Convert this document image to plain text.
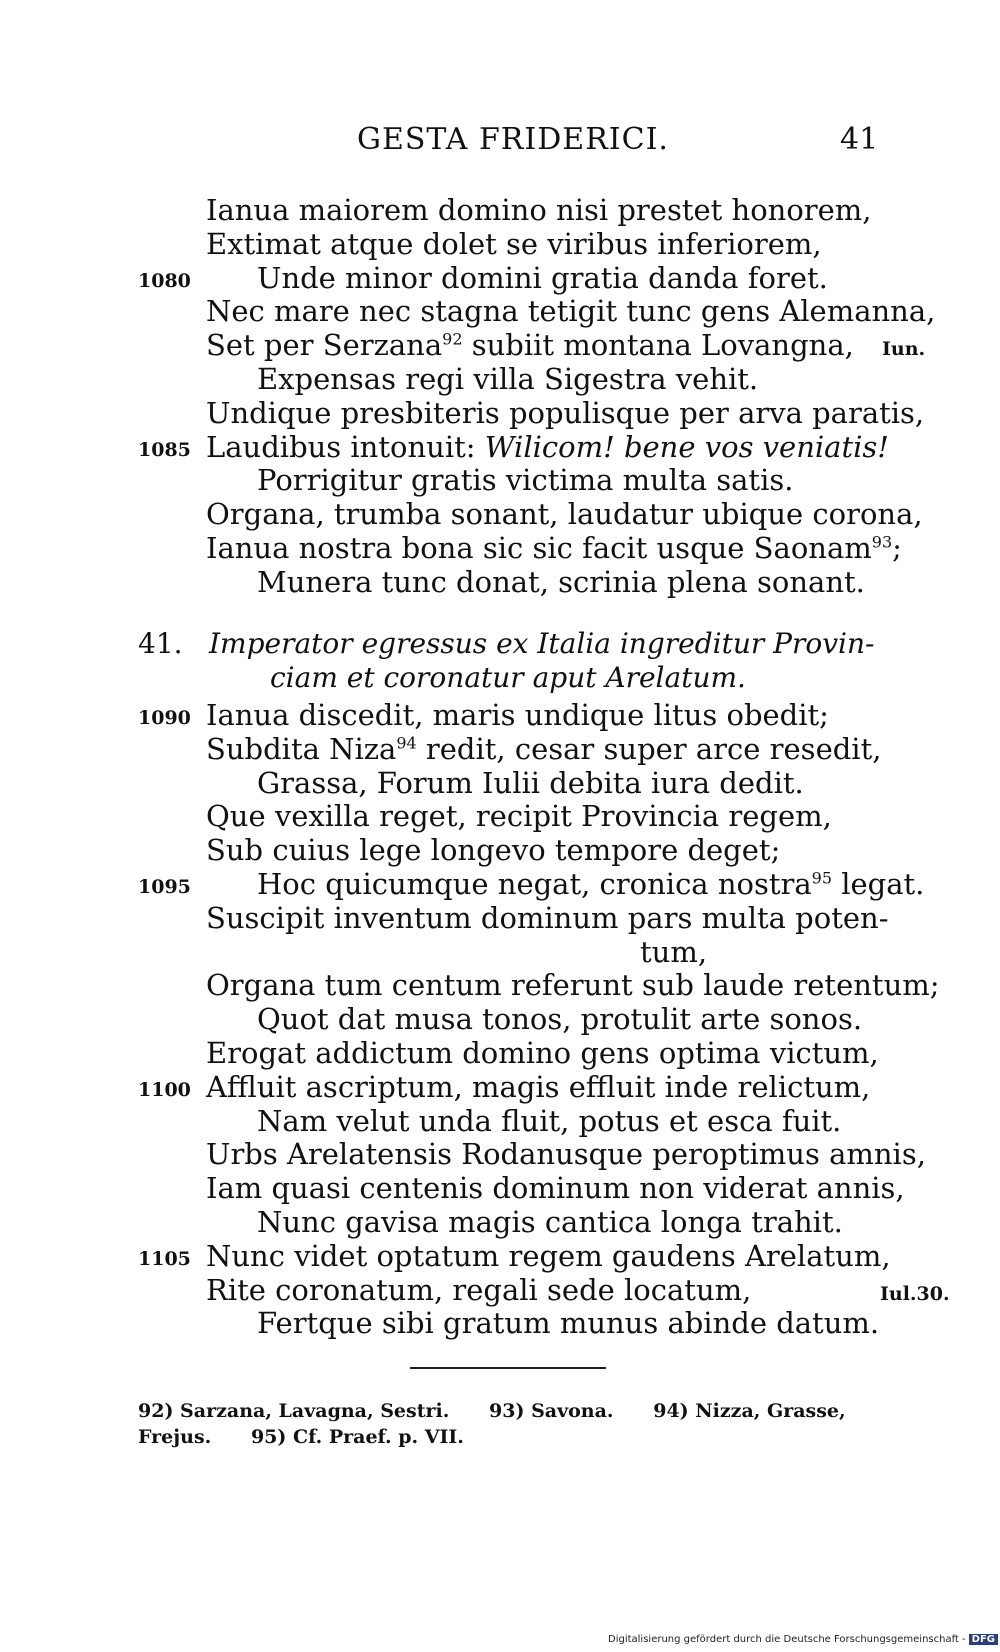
GESTA FRIDERICI.	41
Ianua maiorem domino nisi prestet honorem,
Extimat atque dolet se viribus inferiorem,
1080 Unde minor domini gratia danda foret.
Nec mare nec stagna tetigit tunc gens Alemanna,
Set per Serzana$^{92}$ subiit montana Lovangna, Iun.
Expensas regi villa Sigestra vehit.
Undique presbiteris populisque per arva paratis,
1085 Laudibus intonuit: Wilicom! bene vos veniatis!
Porrigitur gratis victima multa satis.
Organa, trumba sonant, laudatur ubique corona,
Ianua nostra bona sic sic facit usque Saonam$^{93}$;
Munera tunc donat, scrinia plena sonant.
41. Imperator egressus ex Italia ingreditur Provin-
ciam et coronatur aput Arelatum.
1090 Ianua discedit, maris undique litus obedit;
Subdita Niza$^{94}$ redit, cesar super arce resedit,
Grassa, Forum Iulii debita iura dedit.
Que vexilla reget, recipit Provincia regem,
Sub cuius lege longevo tempore deget;
1095 Hoc quicumque negat, cronica nostra$^{95}$ legat.
Suscipit inventum dominum pars multa poten-
tum,
Organa tum centum referunt sub laude retentum;
Quot dat musa tonos, protulit arte sonos.
Erogat addictum domino gens optima victum,
1100 Affluit ascriptum, magis effluit inde relictum,
Nam velut unda fluit, potus et esca fuit.
Urbs Arelatensis Rodanusque peroptimus amnis,
Iam quasi centenis dominum non viderat annis,
Nunc gavisa magis cantica longa trahit.
1105 Nunc videt optatum regem gaudens Arelatum,
Rite coronatum, regali sede locatum,	Iul.30.
Fertque sibi gratum munus abinde datum.
92) Sarzana, Lavagna, Sestri.      93) Savona.      94) Nizza, Grasse,
Frejus.      95) Cf. Praef. p. VII.
Digitalisierung gefördert durch die Deutsche Forschungsgemeinschaft - DFG
